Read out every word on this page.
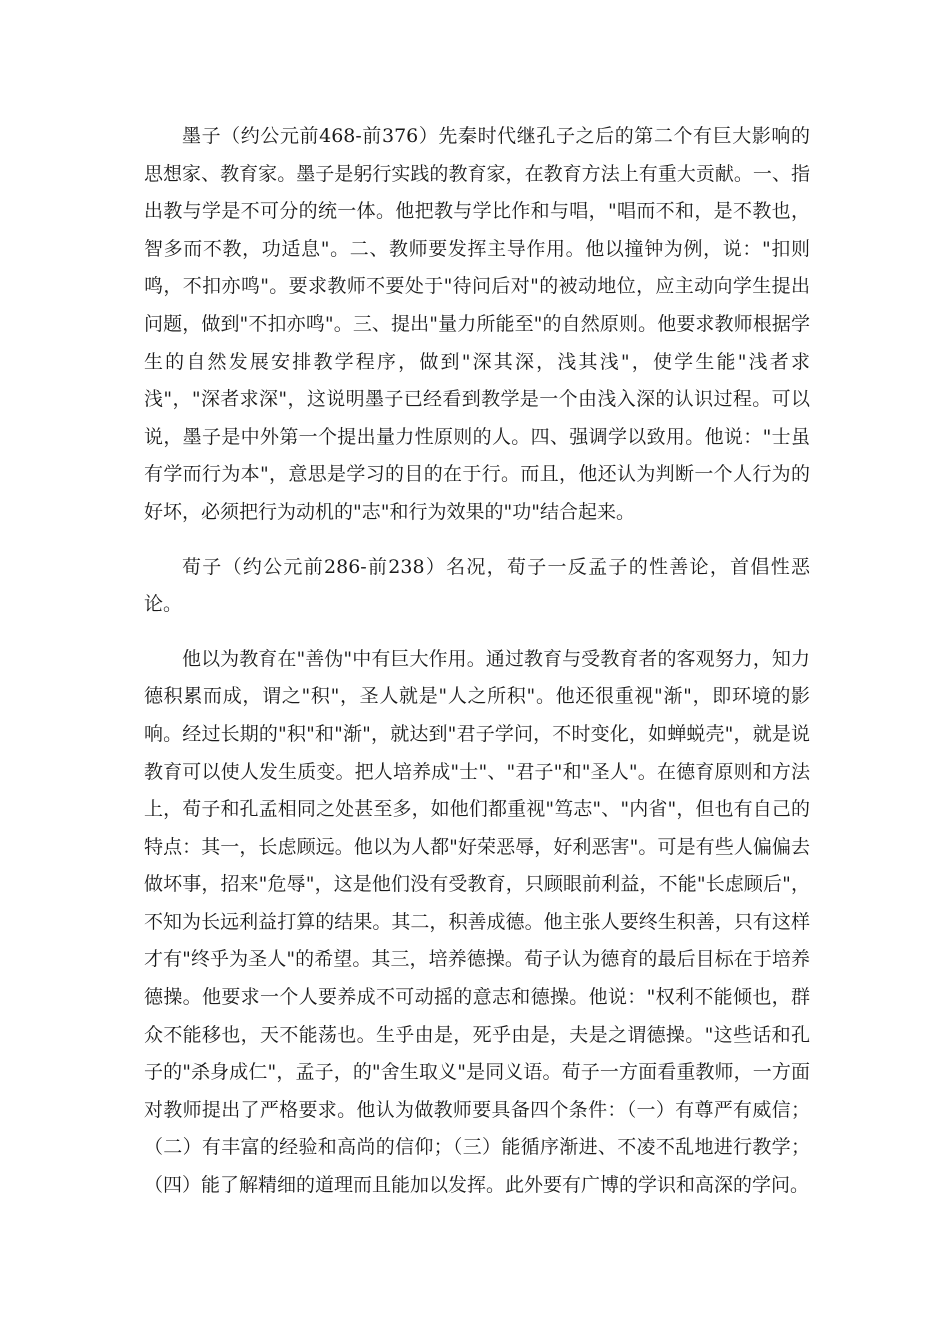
墨子（约公元前468-前376）先秦时代继孔子之后的第二个有巨大影响的思想家、教育家。墨子是躬行实践的教育家，在教育方法上有重大贡献。一、指出教与学是不可分的统一体。他把教与学比作和与唱，"唱而不和，是不教也，智多而不教，功适息"。二、教师要发挥主导作用。他以撞钟为例，说："扣则鸣，不扣亦鸣"。要求教师不要处于"待问后对"的被动地位，应主动向学生提出问题，做到"不扣亦鸣"。三、提出"量力所能至"的自然原则。他要求教师根据学生的自然发展安排教学程序，做到"深其深，浅其浅"，使学生能"浅者求浅"，"深者求深"，这说明墨子已经看到教学是一个由浅入深的认识过程。可以说，墨子是中外第一个提出量力性原则的人。四、强调学以致用。他说："士虽有学而行为本"，意思是学习的目的在于行。而且，他还认为判断一个人行为的好坏，必须把行为动机的"志"和行为效果的"功"结合起来。

荀子（约公元前286-前238）名况，荀子一反孟子的性善论，首倡性恶论。

他以为教育在"善伪"中有巨大作用。通过教育与受教育者的客观努力，知力德积累而成，谓之"积"，圣人就是"人之所积"。他还很重视"渐"，即环境的影响。经过长期的"积"和"渐"，就达到"君子学问，不时变化，如蝉蜕壳"，就是说教育可以使人发生质变。把人培养成"士"、"君子"和"圣人"。在德育原则和方法上，荀子和孔孟相同之处甚至多，如他们都重视"笃志"、"内省"，但也有自己的特点：其一，长虑顾远。他以为人都"好荣恶辱，好利恶害"。可是有些人偏偏去做坏事，招来"危辱"，这是他们没有受教育，只顾眼前利益，不能"长虑顾后"，不知为长远利益打算的结果。其二，积善成德。他主张人要终生积善，只有这样才有"终乎为圣人"的希望。其三，培养德操。荀子认为德育的最后目标在于培养德操。他要求一个人要养成不可动摇的意志和德操。他说："权利不能倾也，群众不能移也，天不能荡也。生乎由是，死乎由是，夫是之谓德操。"这些话和孔子的"杀身成仁"，孟子，的"舍生取义"是同义语。荀子一方面看重教师，一方面对教师提出了严格要求。他认为做教师要具备四个条件：（一）有尊严有威信；（二）有丰富的经验和高尚的信仰；（三）能循序渐进、不凌不乱地进行教学；（四）能了解精细的道理而且能加以发挥。此外要有广博的学识和高深的学问。
